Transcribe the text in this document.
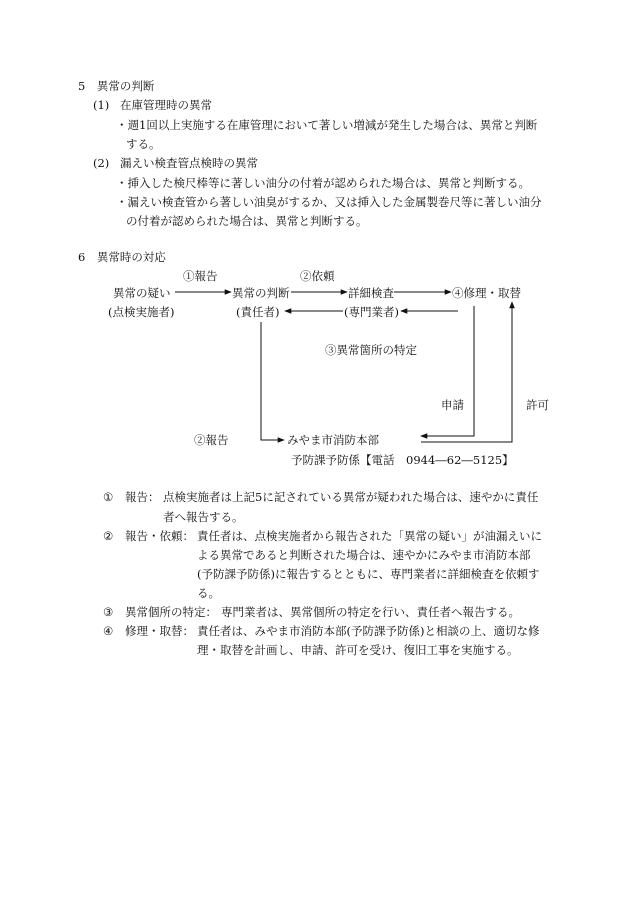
5　異常の判断
(1) 在庫管理時の異常
・週1回以上実施する在庫管理において著しい増減が発生した場合は、異常と判断
する。
(2) 漏えい検査管点検時の異常
・挿入した検尺棒等に著しい油分の付着が認められた場合は、異常と判断する。
・漏えい検査管から著しい油臭がするか、又は挿入した金属製巻尺等に著しい油分
の付着が認められた場合は、異常と判断する。
6　異常時の対応
①報告	②依頼
異常の疑い	異常の判断	詳細検査	④修理・取替
(点検実施者)	(責任者)	(専門業者)
③異常箇所の特定
申請	許可
②報告	みやま市消防本部
予防課予防係【電話　0944―62―5125】
① 報告： 点検実施者は上記5に記されている異常が疑われた場合は、速やかに責任
者へ報告する。
② 報告・依頼： 責任者は、点検実施者から報告された「異常の疑い」が油漏えいに
よる異常であると判断された場合は、速やかにみやま市消防本部
(予防課予防係)に報告するとともに、専門業者に詳細検査を依頼す
る。
③ 異常個所の特定： 専門業者は、異常個所の特定を行い、責任者へ報告する。
④ 修理・取替： 責任者は、みやま市消防本部(予防課予防係)と相談の上、適切な修
理・取替を計画し、申請、許可を受け、復旧工事を実施する。
